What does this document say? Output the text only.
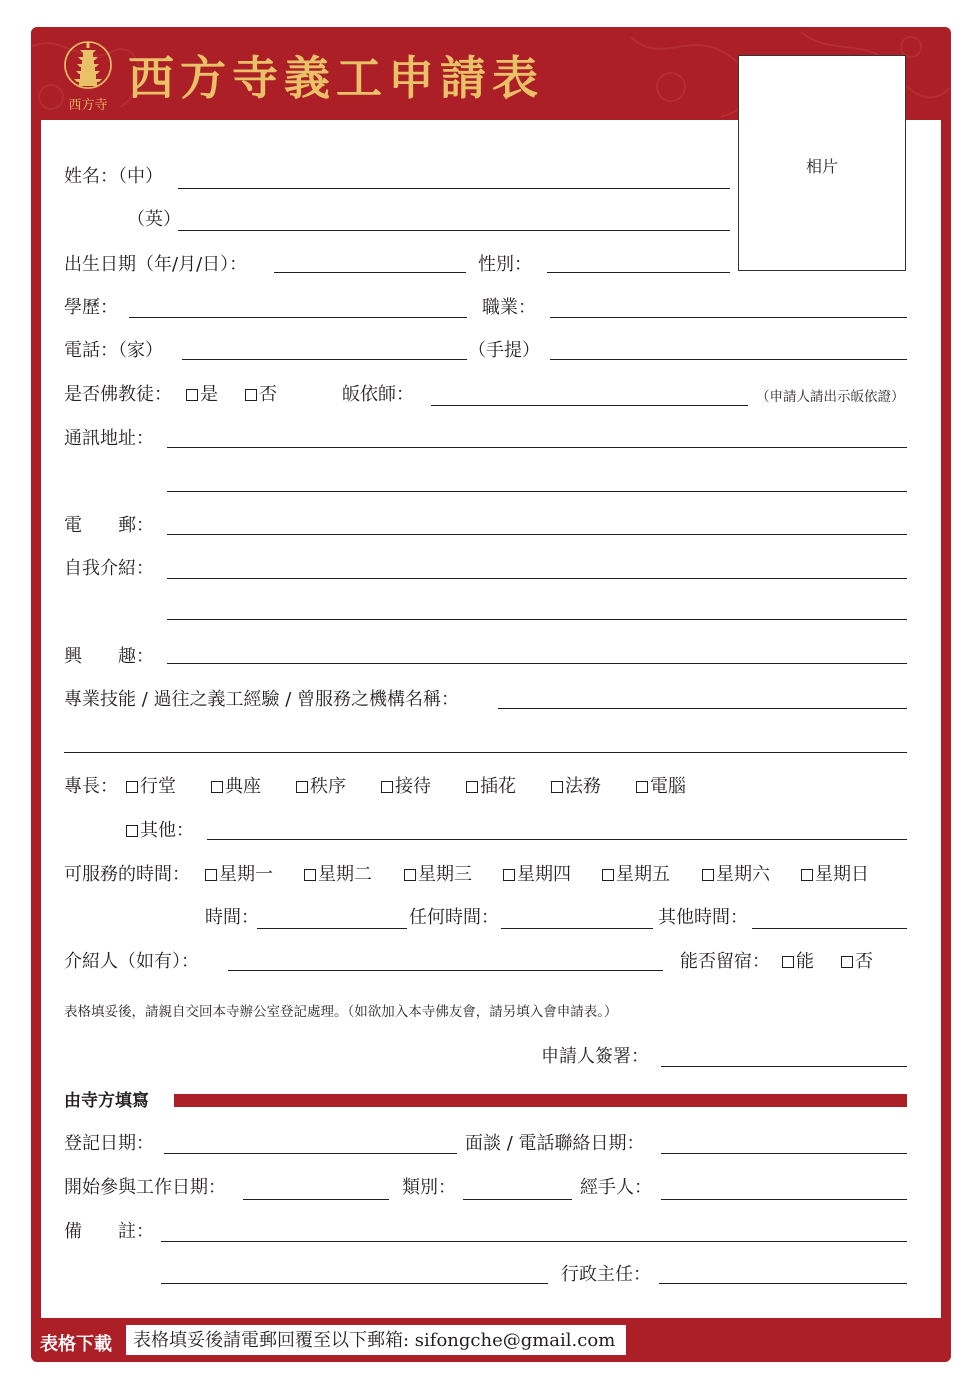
西方寺
西方寺義工申請表
相片
姓名：（中）
（英）
出生日期（年/月/日）：	性別：
學歷：	職業：
電話：（家）	（手提）
是否佛教徒：	是	否	皈依師：	（申請人請出示皈依證）
通訊地址：
電　　郵：
自我介紹：
興　　趣：
專業技能 / 過往之義工經驗 / 曾服務之機構名稱：
專長：	行堂	典座	秩序	接待	插花	法務	電腦
其他：
可服務的時間：	星期一	星期二	星期三	星期四	星期五	星期六	星期日
時間：	任何時間：	其他時間：
介紹人（如有）：	能否留宿：	能	否
表格填妥後，請親自交回本寺辦公室登記處理。（如欲加入本寺佛友會，請另填入會申請表。）
申請人簽署：
由寺方填寫
登記日期：	面談 / 電話聯絡日期：
開始參與工作日期：	類別：	經手人：
備　　註：
行政主任：
表格下載 表格填妥後請電郵回覆至以下郵箱: sifongche@gmail.com
